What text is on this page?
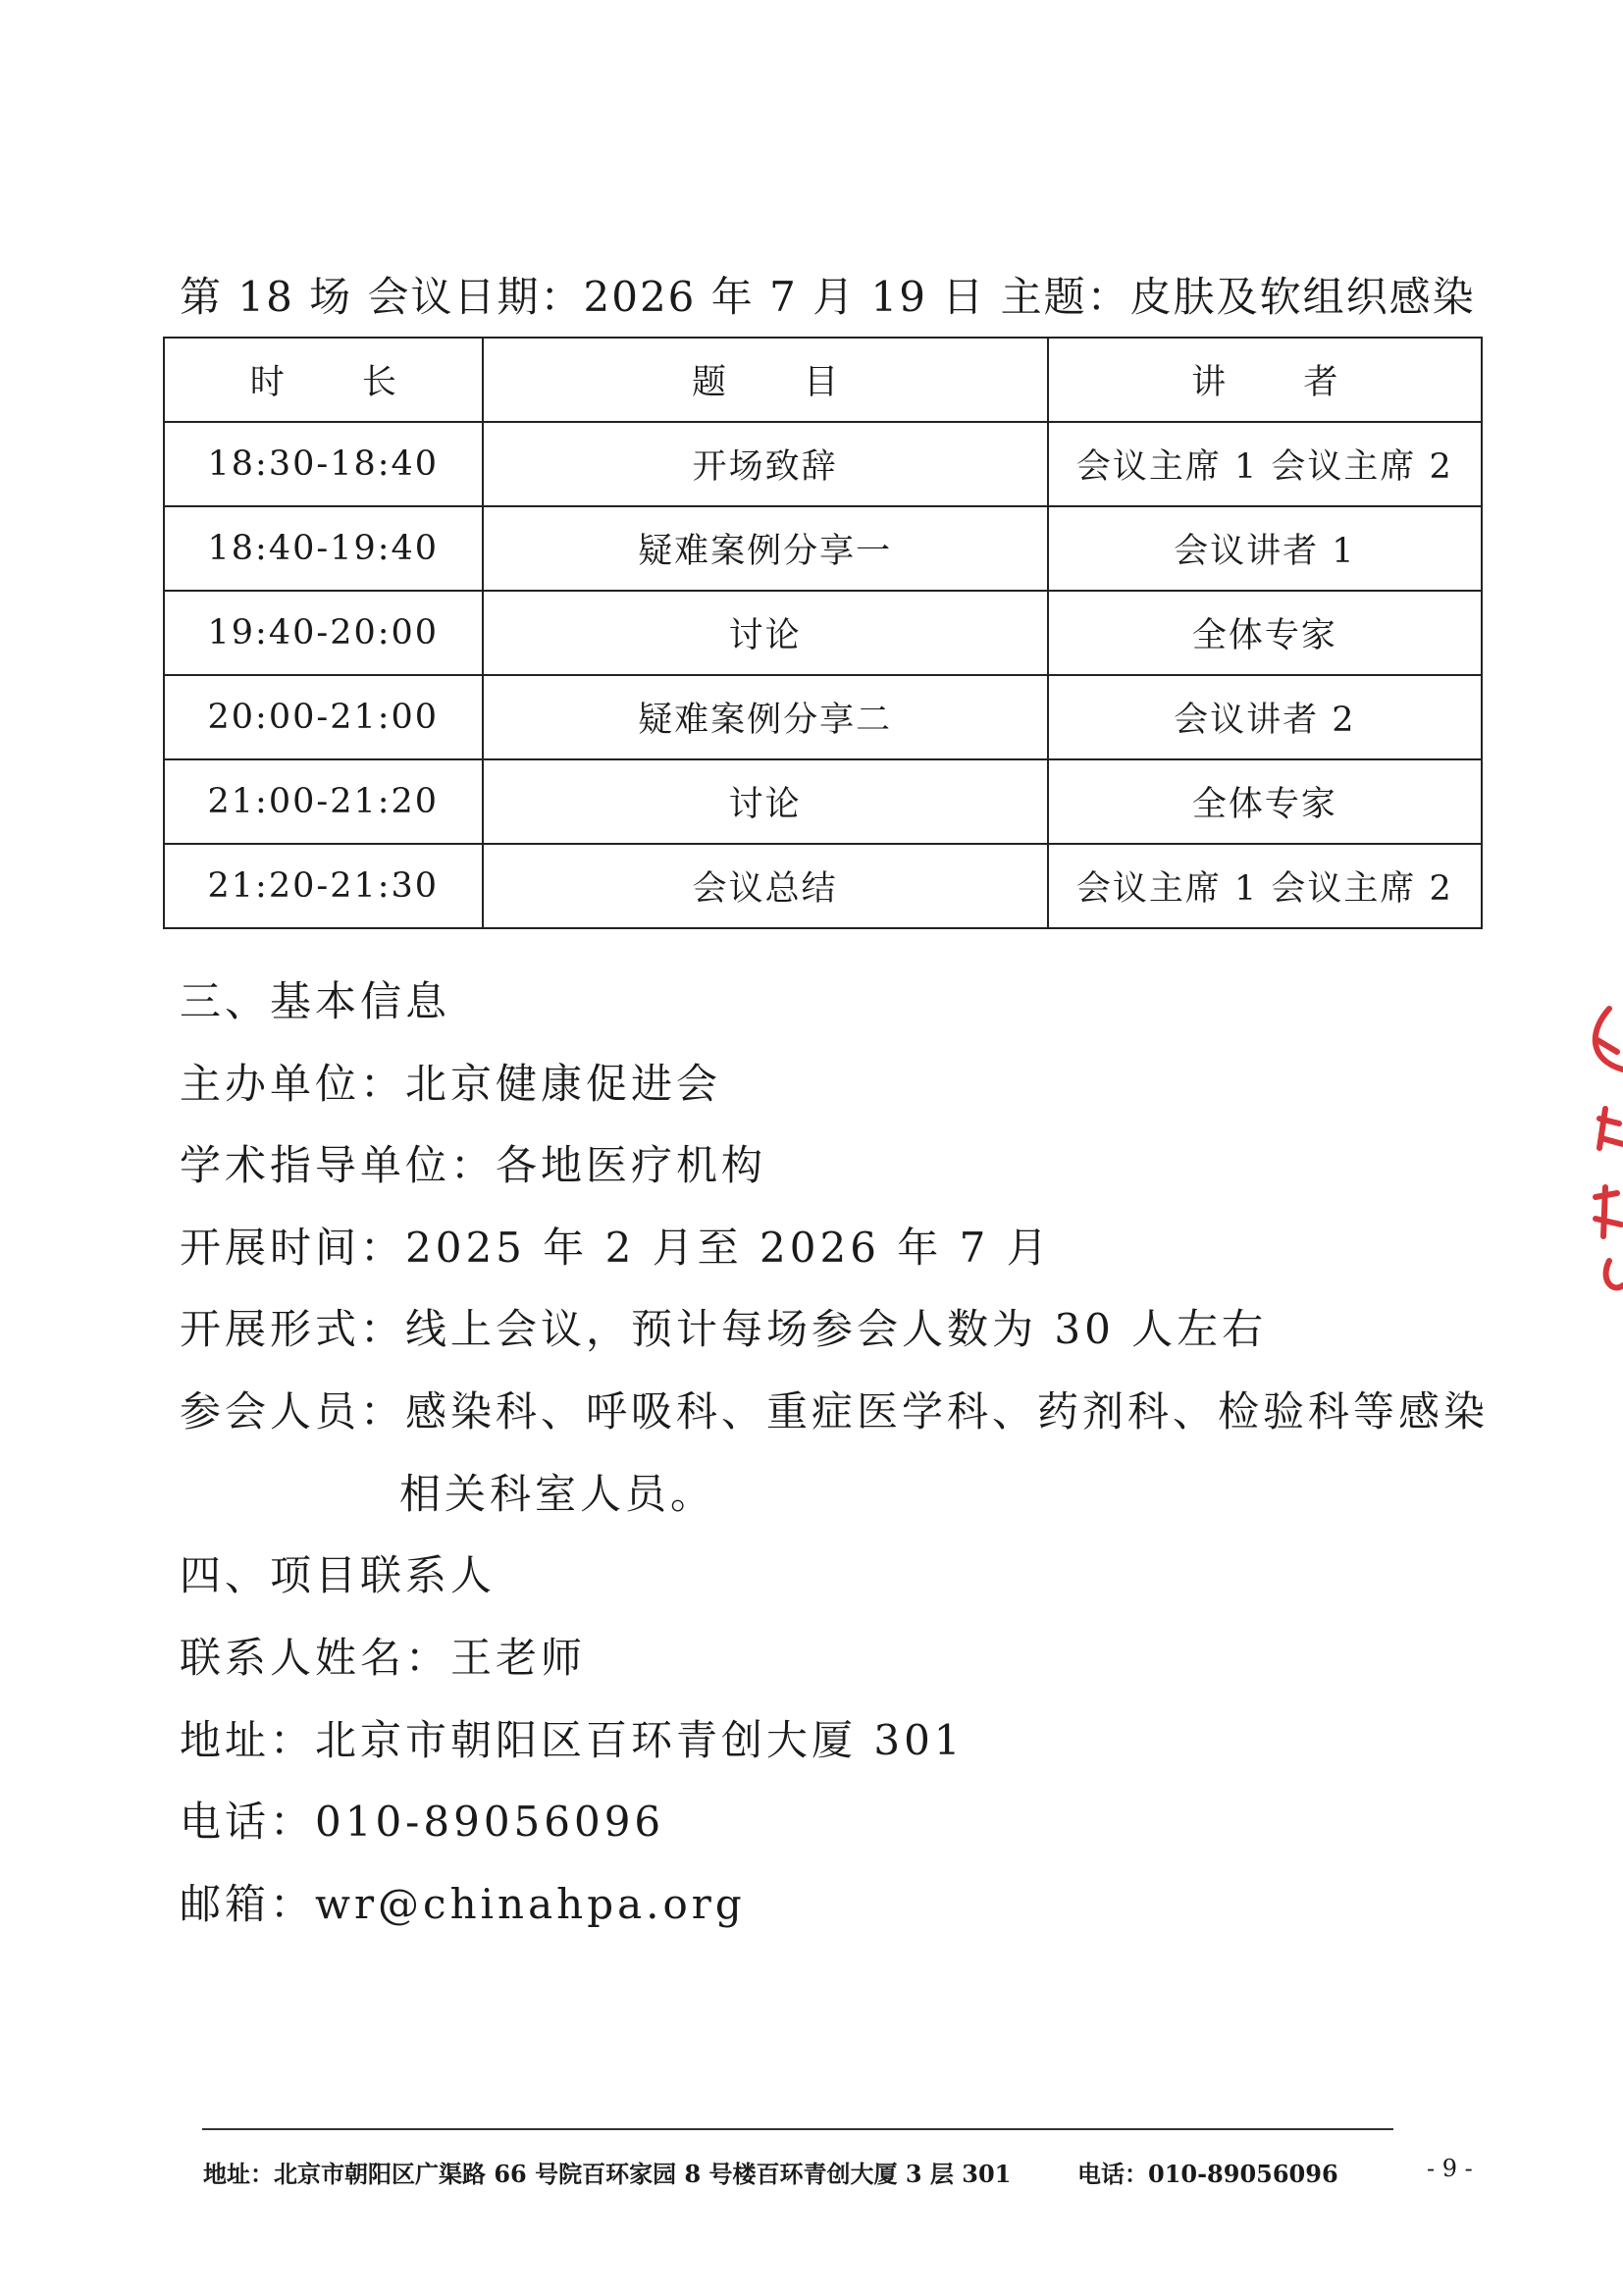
第 18 场 会议日期：2026 年 7 月 19 日 主题：皮肤及软组织感染
时 长	题 目	讲 者
18:30-18:40	开场致辞	会议主席 1 会议主席 2
18:40-19:40	疑难案例分享一	会议讲者 1
19:40-20:00	讨论	全体专家
20:00-21:00	疑难案例分享二	会议讲者 2
21:00-21:20	讨论	全体专家
21:20-21:30	会议总结	会议主席 1 会议主席 2
三、基本信息
主办单位：北京健康促进会
学术指导单位：各地医疗机构
开展时间：2025 年 2 月至 2026 年 7 月
开展形式：线上会议，预计每场参会人数为 30 人左右
参会人员：感染科、呼吸科、重症医学科、药剂科、检验科等感染
相关科室人员。
四、项目联系人
联系人姓名：王老师
地址：北京市朝阳区百环青创大厦 301
电话：010-89056096
邮箱：wr@chinahpa.org
地址：北京市朝阳区广渠路 66 号院百环家园 8 号楼百环青创大厦 3 层 301	电话：010-89056096	- 9 -
